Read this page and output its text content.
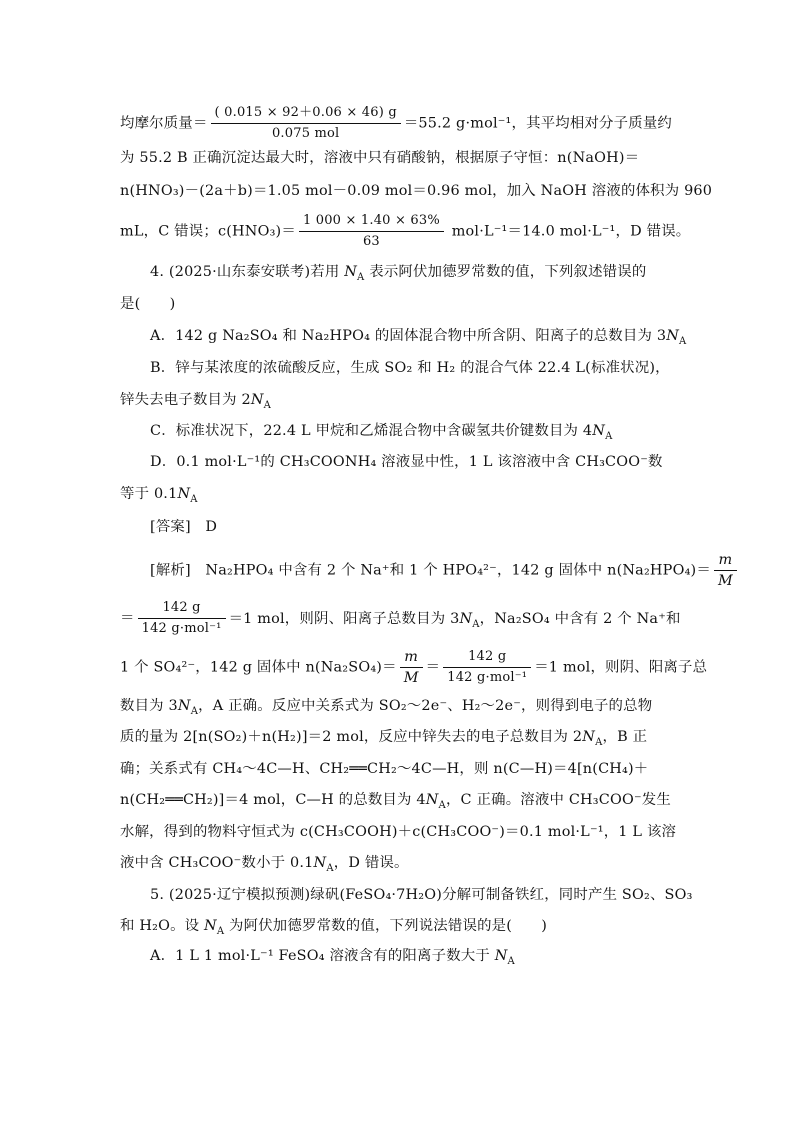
均摩尔质量＝ $\frac{( 0.015 \times 92+0.06 \times 46) g}{\text{0.075 mol}} =55.2$ g·mol⁻¹，其平均相对分子质量约
为 55.2 B 正确沉淀达最大时，溶液中只有硝酸钠，根据原子守恒：n(NaOH)＝
n(HNO₃)－(2a＋b)＝1.05 mol－0.09 mol＝0.96 mol，加入 NaOH 溶液的体积为 960
mL，C 错误；$c(HNO_3)= \frac{1 000 \times 1.40 \times 63\%}{63} mol\cdot L^{-1}=14.0$ mol·L⁻¹，D 错误。
4. (2025·山东泰安联考)若用 $N_A$ 表示阿伏加德罗常数的值，下列叙述错误的
是(　　)
A．142 g Na₂SO₄ 和 Na₂HPO₄ 的固体混合物中所含阴、阳离子的总数目为 $3N_A$
B．锌与某浓度的浓硫酸反应，生成 SO₂ 和 H₂ 的混合气体 22.4 L(标准状况)，
锌失去电子数目为 $2N_A$
C．标准状况下，22.4 L 甲烷和乙烯混合物中含碳氢共价键数目为 $4N_A$
D．0.1 mol·L⁻¹的 CH₃COONH₄ 溶液显中性，1 L 该溶液中含 CH₃COO⁻数
等于 $0.1N_A$
[答案]　D
[解析]　Na₂HPO₄ 中含有 2 个 Na⁺和 1 个 HPO₄²⁻，142 g 固体中 $n(Na_2HPO_4)= \frac{m}{M}$
＝ $\frac{142 g}{\text{142 g·mol⁻¹}} =1$ mol，则阴、阳离子总数目为 $3N_A$，Na₂SO₄ 中含有 2 个 Na⁺和
1 个 SO₄²⁻，142 g 固体中 $n(Na_2SO_4)= \frac{m}{M} = \frac{142 g}{\text{142 g·mol⁻¹}} =1$ mol，则阴、阳离子总
数目为 $3N_A$，A 正确。反应中关系式为 SO₂～2e⁻、H₂～2e⁻，则得到电子的总物
质的量为 2[n(SO₂)＋n(H₂)]＝2 mol，反应中锌失去的电子总数目为 $2N_A$，B 正
确；关系式有 CH₄～4C—H、CH₂══CH₂～4C—H，则 n(C—H)＝4[n(CH₄)＋
n(CH₂══CH₂)]＝4 mol，C—H 的总数目为 $4N_A$，C 正确。溶液中 CH₃COO⁻发生
水解，得到的物料守恒式为 c(CH₃COOH)＋c(CH₃COO⁻)＝0.1 mol·L⁻¹，1 L 该溶
液中含 CH₃COO⁻数小于 $0.1N_A$，D 错误。
5. (2025·辽宁模拟预测)绿矾(FeSO₄·7H₂O)分解可制备铁红，同时产生 SO₂、SO₃
和 H₂O。设 $N_A$ 为阿伏加德罗常数的值，下列说法错误的是(　　)
A．1 L 1 mol·L⁻¹ FeSO₄ 溶液含有的阳离子数大于 $N_A$
